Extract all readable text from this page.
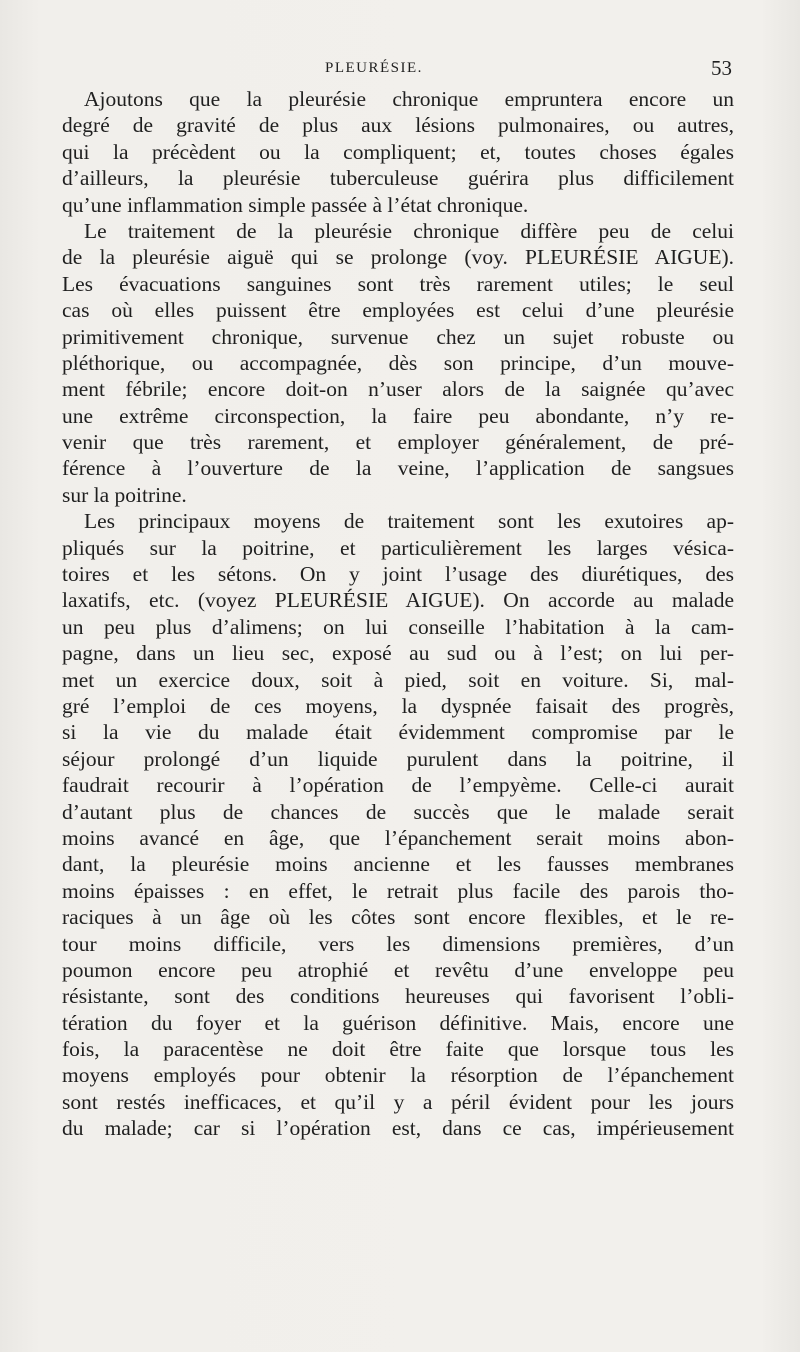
PLEURÉSIE.	53
Ajoutons que la pleurésie chronique empruntera encore un
degré de gravité de plus aux lésions pulmonaires, ou autres,
qui la précèdent ou la compliquent; et, toutes choses égales
d’ailleurs, la pleurésie tuberculeuse guérira plus difficilement
qu’une inflammation simple passée à l’état chronique.
Le traitement de la pleurésie chronique diffère peu de celui
de la pleurésie aiguë qui se prolonge (voy. PLEURÉSIE AIGUE).
Les évacuations sanguines sont très rarement utiles; le seul
cas où elles puissent être employées est celui d’une pleurésie
primitivement chronique, survenue chez un sujet robuste ou
pléthorique, ou accompagnée, dès son principe, d’un mouve-
ment fébrile; encore doit-on n’user alors de la saignée qu’avec
une extrême circonspection, la faire peu abondante, n’y re-
venir que très rarement, et employer généralement, de pré-
férence à l’ouverture de la veine, l’application de sangsues
sur la poitrine.
Les principaux moyens de traitement sont les exutoires ap-
pliqués sur la poitrine, et particulièrement les larges vésica-
toires et les sétons. On y joint l’usage des diurétiques, des
laxatifs, etc. (voyez PLEURÉSIE AIGUE). On accorde au malade
un peu plus d’alimens; on lui conseille l’habitation à la cam-
pagne, dans un lieu sec, exposé au sud ou à l’est; on lui per-
met un exercice doux, soit à pied, soit en voiture. Si, mal-
gré l’emploi de ces moyens, la dyspnée faisait des progrès,
si la vie du malade était évidemment compromise par le
séjour prolongé d’un liquide purulent dans la poitrine, il
faudrait recourir à l’opération de l’empyème. Celle-ci aurait
d’autant plus de chances de succès que le malade serait
moins avancé en âge, que l’épanchement serait moins abon-
dant, la pleurésie moins ancienne et les fausses membranes
moins épaisses : en effet, le retrait plus facile des parois tho-
raciques à un âge où les côtes sont encore flexibles, et le re-
tour moins difficile, vers les dimensions premières, d’un
poumon encore peu atrophié et revêtu d’une enveloppe peu
résistante, sont des conditions heureuses qui favorisent l’obli-
tération du foyer et la guérison définitive. Mais, encore une
fois, la paracentèse ne doit être faite que lorsque tous les
moyens employés pour obtenir la résorption de l’épanchement
sont restés inefficaces, et qu’il y a péril évident pour les jours
du malade; car si l’opération est, dans ce cas, impérieusement
